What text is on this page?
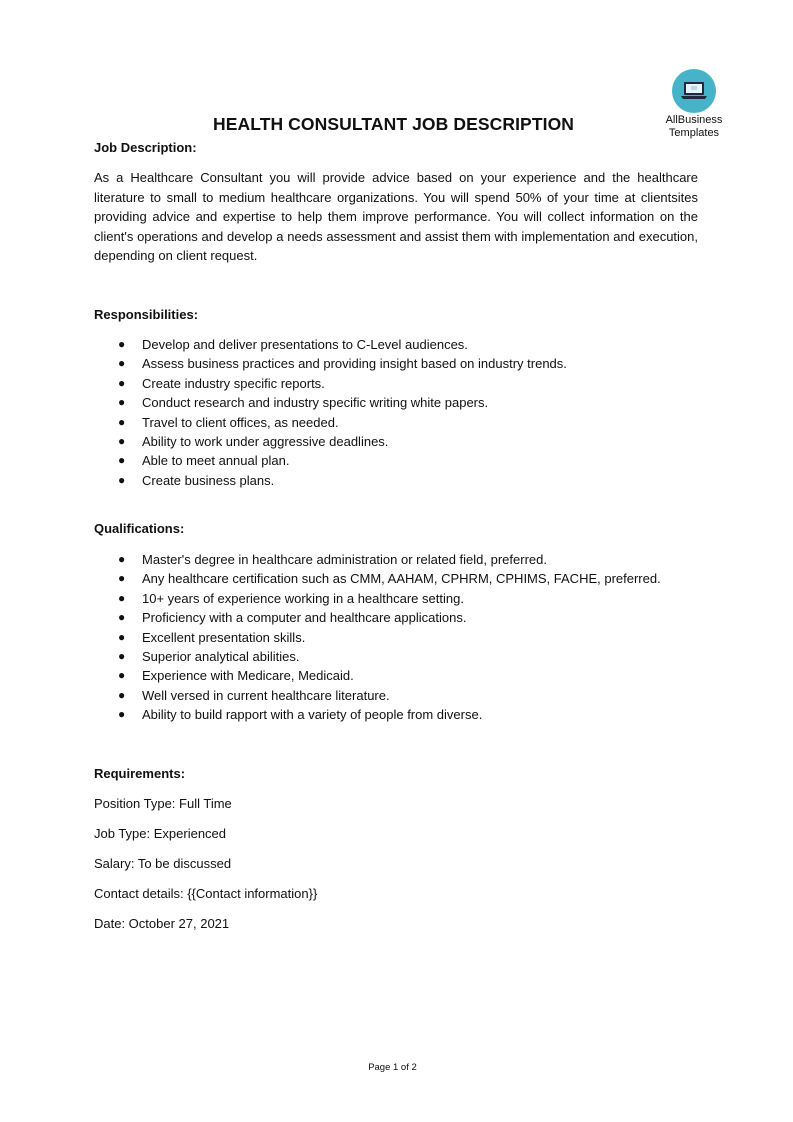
AllBusiness
Templates
HEALTH CONSULTANT JOB DESCRIPTION
Job Description:

As a Healthcare Consultant you will provide advice based on your experience and the healthcare literature to small to medium healthcare organizations. You will spend 50% of your time at clientsites providing advice and expertise to help them improve performance. You will collect information on the client's operations and develop a needs assessment and assist them with implementation and execution, depending on client request.

Responsibilities:
● Develop and deliver presentations to C-Level audiences.
● Assess business practices and providing insight based on industry trends.
● Create industry specific reports.
● Conduct research and industry specific writing white papers.
● Travel to client offices, as needed.
● Ability to work under aggressive deadlines.
● Able to meet annual plan.
● Create business plans.
Qualifications:
● Master's degree in healthcare administration or related field, preferred.
● Any healthcare certification such as CMM, AAHAM, CPHRM, CPHIMS, FACHE, preferred.
● 10+ years of experience working in a healthcare setting.
● Proficiency with a computer and healthcare applications.
● Excellent presentation skills.
● Superior analytical abilities.
● Experience with Medicare, Medicaid.
● Well versed in current healthcare literature.
● Ability to build rapport with a variety of people from diverse.
Requirements:

Position Type: Full Time

Job Type: Experienced

Salary: To be discussed

Contact details: {{Contact information}}

Date: October 27, 2021

Page 1 of 2
